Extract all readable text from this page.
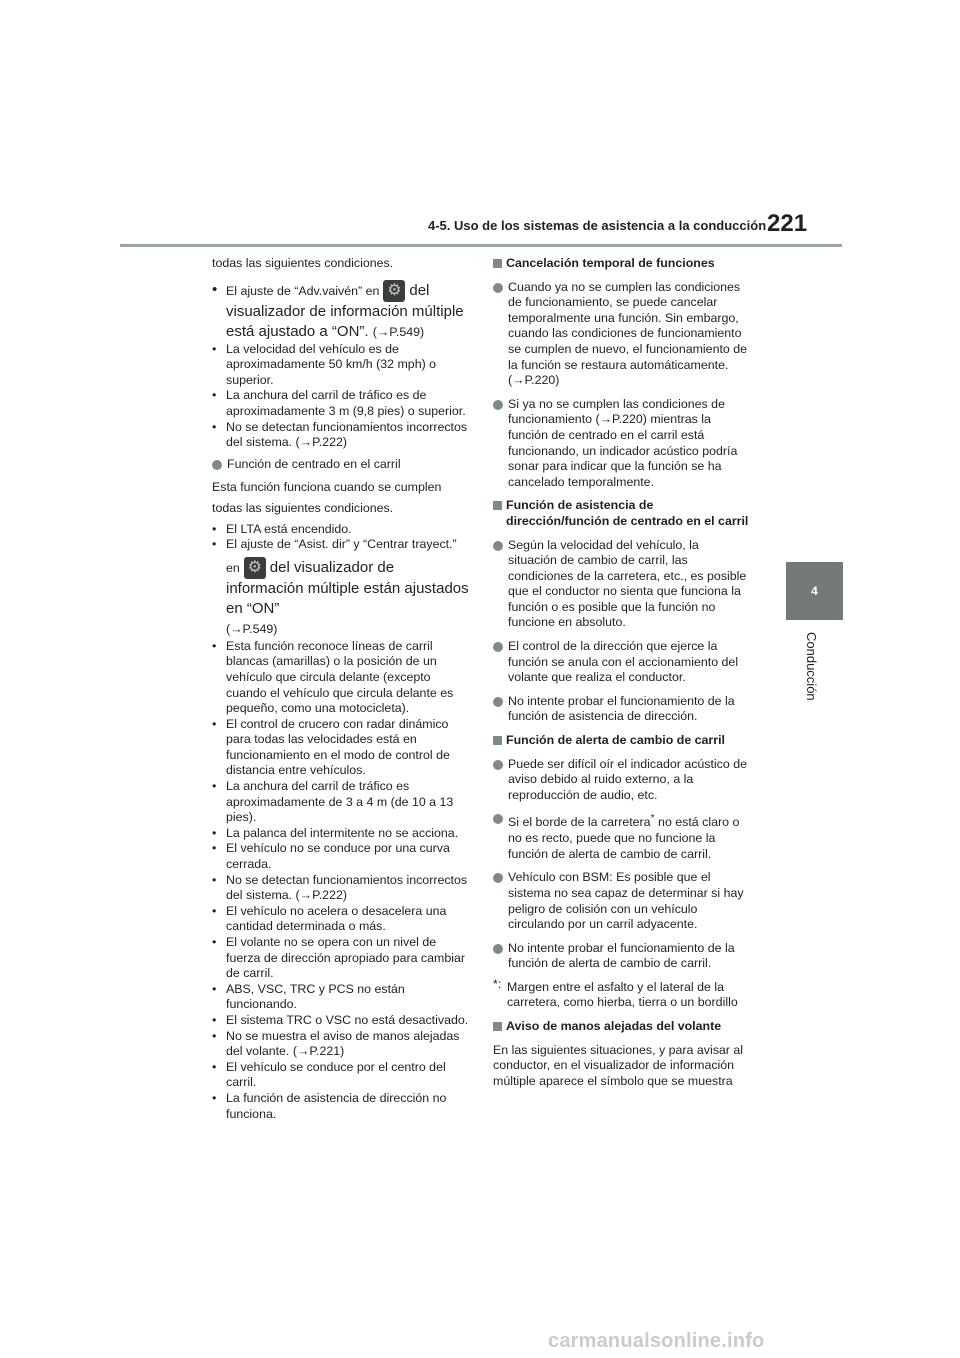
4-5. Uso de los sistemas de asistencia a la conducción 221
4
Conducción

todas las siguientes condiciones.

• El ajuste de “Adv.vaivén” en ⚙ del visualizador de información múltiple está ajustado a “ON”. (→P.549)
• La velocidad del vehículo es de aproximadamente 50 km/h (32 mph) o superior.
• La anchura del carril de tráfico es de aproximadamente 3 m (9,8 pies) o superior.
• No se detectan funcionamientos incorrectos del sistema. (→P.222)
Función de centrado en el carril

Esta función funciona cuando se cumplen

todas las siguientes condiciones.

• El LTA está encendido.
• El ajuste de “Asist. dir” y “Centrar trayect.”
en ⚙ del visualizador de información múltiple están ajustados en “ON”
(→P.549)
• Esta función reconoce líneas de carril blancas (amarillas) o la posición de un vehículo que circula delante (excepto cuando el vehículo que circula delante es pequeño, como una motocicleta).
• El control de crucero con radar dinámico para todas las velocidades está en funcionamiento en el modo de control de distancia entre vehículos.
• La anchura del carril de tráfico es aproximadamente de 3 a 4 m (de 10 a 13 pies).
• La palanca del intermitente no se acciona.
• El vehículo no se conduce por una curva cerrada.
• No se detectan funcionamientos incorrectos del sistema. (→P.222)
• El vehículo no acelera o desacelera una cantidad determinada o más.
• El volante no se opera con un nivel de fuerza de dirección apropiado para cambiar de carril.
• ABS, VSC, TRC y PCS no están funcionando.
• El sistema TRC o VSC no está desactivado.
• No se muestra el aviso de manos alejadas del volante. (→P.221)
• El vehículo se conduce por el centro del carril.
• La función de asistencia de dirección no funciona.
Cancelación temporal de funciones
Cuando ya no se cumplen las condiciones de funcionamiento, se puede cancelar temporalmente una función. Sin embargo, cuando las condiciones de funcionamiento se cumplen de nuevo, el funcionamiento de la función se restaura automáticamente. (→P.220)
Si ya no se cumplen las condiciones de funcionamiento (→P.220) mientras la función de centrado en el carril está funcionando, un indicador acústico podría sonar para indicar que la función se ha cancelado temporalmente.
Función de asistencia de dirección/función de centrado en el carril
Según la velocidad del vehículo, la situación de cambio de carril, las condiciones de la carretera, etc., es posible que el conductor no sienta que funciona la función o es posible que la función no funcione en absoluto.
El control de la dirección que ejerce la función se anula con el accionamiento del volante que realiza el conductor.
No intente probar el funcionamiento de la función de asistencia de dirección.
Función de alerta de cambio de carril
Puede ser difícil oír el indicador acústico de aviso debido al ruido externo, a la reproducción de audio, etc.
Si el borde de la carretera* no está claro o no es recto, puede que no funcione la función de alerta de cambio de carril.
Vehículo con BSM: Es posible que el sistema no sea capaz de determinar si hay peligro de colisión con un vehículo circulando por un carril adyacente.
No intente probar el funcionamiento de la función de alerta de cambio de carril.
*: Margen entre el asfalto y el lateral de la carretera, como hierba, tierra o un bordillo
Aviso de manos alejadas del volante

En las siguientes situaciones, y para avisar al conductor, en el visualizador de información múltiple aparece el símbolo que se muestra

carmanualsonline.info
